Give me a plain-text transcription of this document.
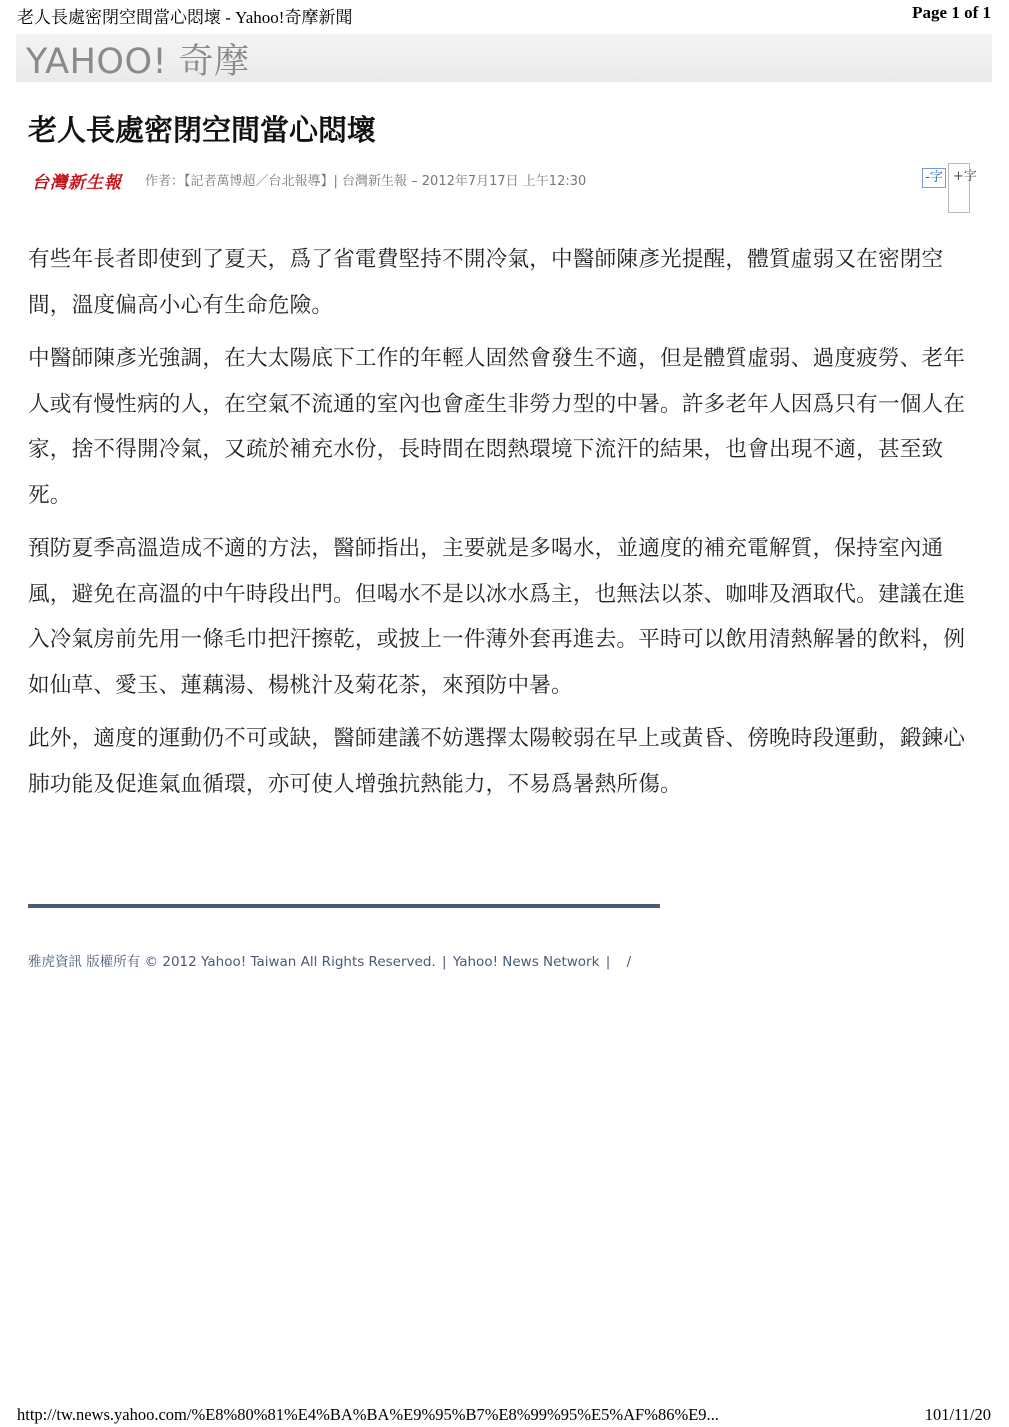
老人長處密閉空間當心悶壞 - Yahoo!奇摩新聞	Page 1 of 1
YAHOO! 奇摩
老人長處密閉空間當心悶壞
台灣新生報 作者：【記者萬博超／台北報導】| 台灣新生報 – 2012年7月17日 上午12:30	-字 +字

有些年長者即使到了夏天，爲了省電費堅持不開冷氣，中醫師陳彥光提醒，體質虛弱又在密閉空間，溫度偏高小心有生命危險。

中醫師陳彥光強調，在大太陽底下工作的年輕人固然會發生不適，但是體質虛弱、過度疲勞、老年人或有慢性病的人，在空氣不流通的室內也會產生非勞力型的中暑。許多老年人因爲只有一個人在家，捨不得開冷氣，又疏於補充水份，長時間在悶熱環境下流汗的結果，也會出現不適，甚至致死。

預防夏季高溫造成不適的方法，醫師指出，主要就是多喝水，並適度的補充電解質，保持室內通風，避免在高溫的中午時段出門。但喝水不是以冰水爲主，也無法以茶、咖啡及酒取代。建議在進入冷氣房前先用一條毛巾把汗擦乾，或披上一件薄外套再進去。平時可以飲用清熱解暑的飲料，例如仙草、愛玉、蓮藕湯、楊桃汁及菊花茶，來預防中暑。

此外，適度的運動仍不可或缺，醫師建議不妨選擇太陽較弱在早上或黃昏、傍晚時段運動，鍛鍊心肺功能及促進氣血循環，亦可使人增強抗熱能力，不易爲暑熱所傷。

雅虎資訊 版權所有 © 2012 Yahoo! Taiwan All Rights Reserved. | Yahoo! News Network | /
http://tw.news.yahoo.com/%E8%80%81%E4%BA%BA%E9%95%B7%E8%99%95%E5%AF%86%E9...	101/11/20
